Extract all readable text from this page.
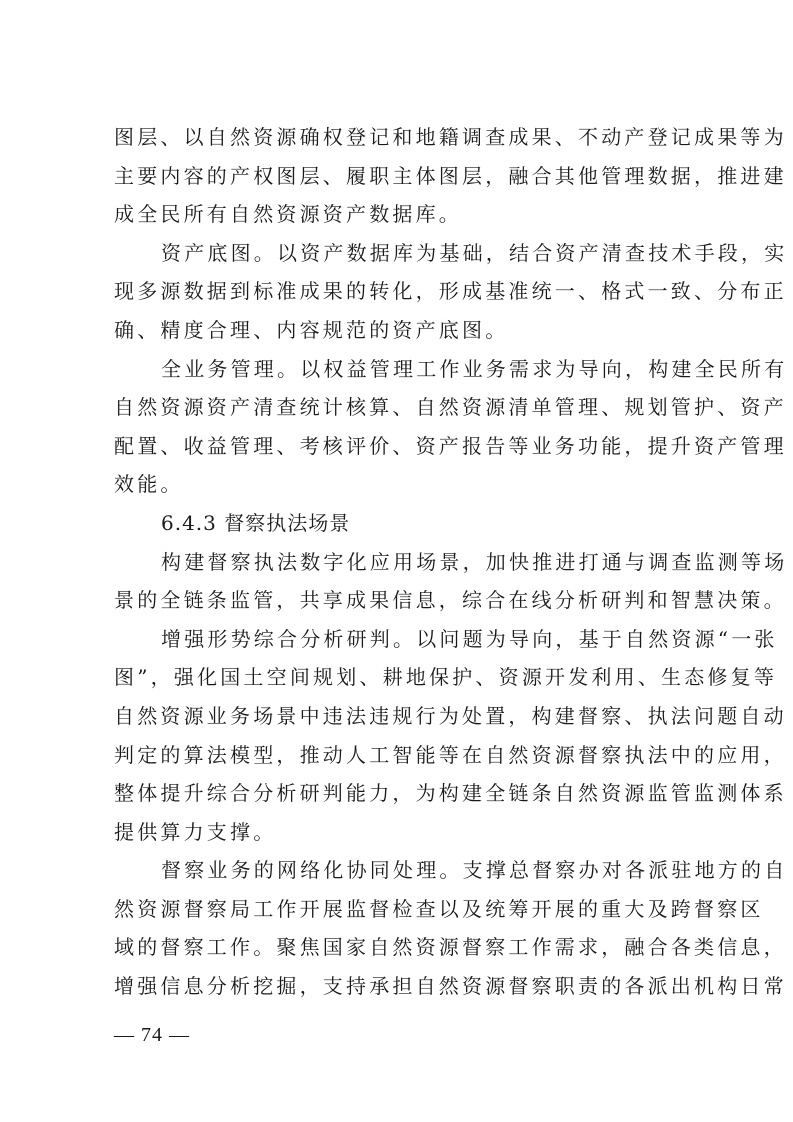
图层、以自然资源确权登记和地籍调查成果、不动产登记成果等为
主要内容的产权图层、履职主体图层，融合其他管理数据，推进建
成全民所有自然资源资产数据库。
资产底图。以资产数据库为基础，结合资产清查技术手段，实
现多源数据到标准成果的转化，形成基准统一、格式一致、分布正
确、精度合理、内容规范的资产底图。
全业务管理。以权益管理工作业务需求为导向，构建全民所有
自然资源资产清查统计核算、自然资源清单管理、规划管护、资产
配置、收益管理、考核评价、资产报告等业务功能，提升资产管理
效能。
6.4.3 督察执法场景
构建督察执法数字化应用场景，加快推进打通与调查监测等场
景的全链条监管，共享成果信息，综合在线分析研判和智慧决策。
增强形势综合分析研判。以问题为导向，基于自然资源“一张
图”，强化国土空间规划、耕地保护、资源开发利用、生态修复等
自然资源业务场景中违法违规行为处置，构建督察、执法问题自动
判定的算法模型，推动人工智能等在自然资源督察执法中的应用，
整体提升综合分析研判能力，为构建全链条自然资源监管监测体系
提供算力支撑。
督察业务的网络化协同处理。支撑总督察办对各派驻地方的自
然资源督察局工作开展监督检查以及统筹开展的重大及跨督察区
域的督察工作。聚焦国家自然资源督察工作需求，融合各类信息，
增强信息分析挖掘，支持承担自然资源督察职责的各派出机构日常
— 74 —
